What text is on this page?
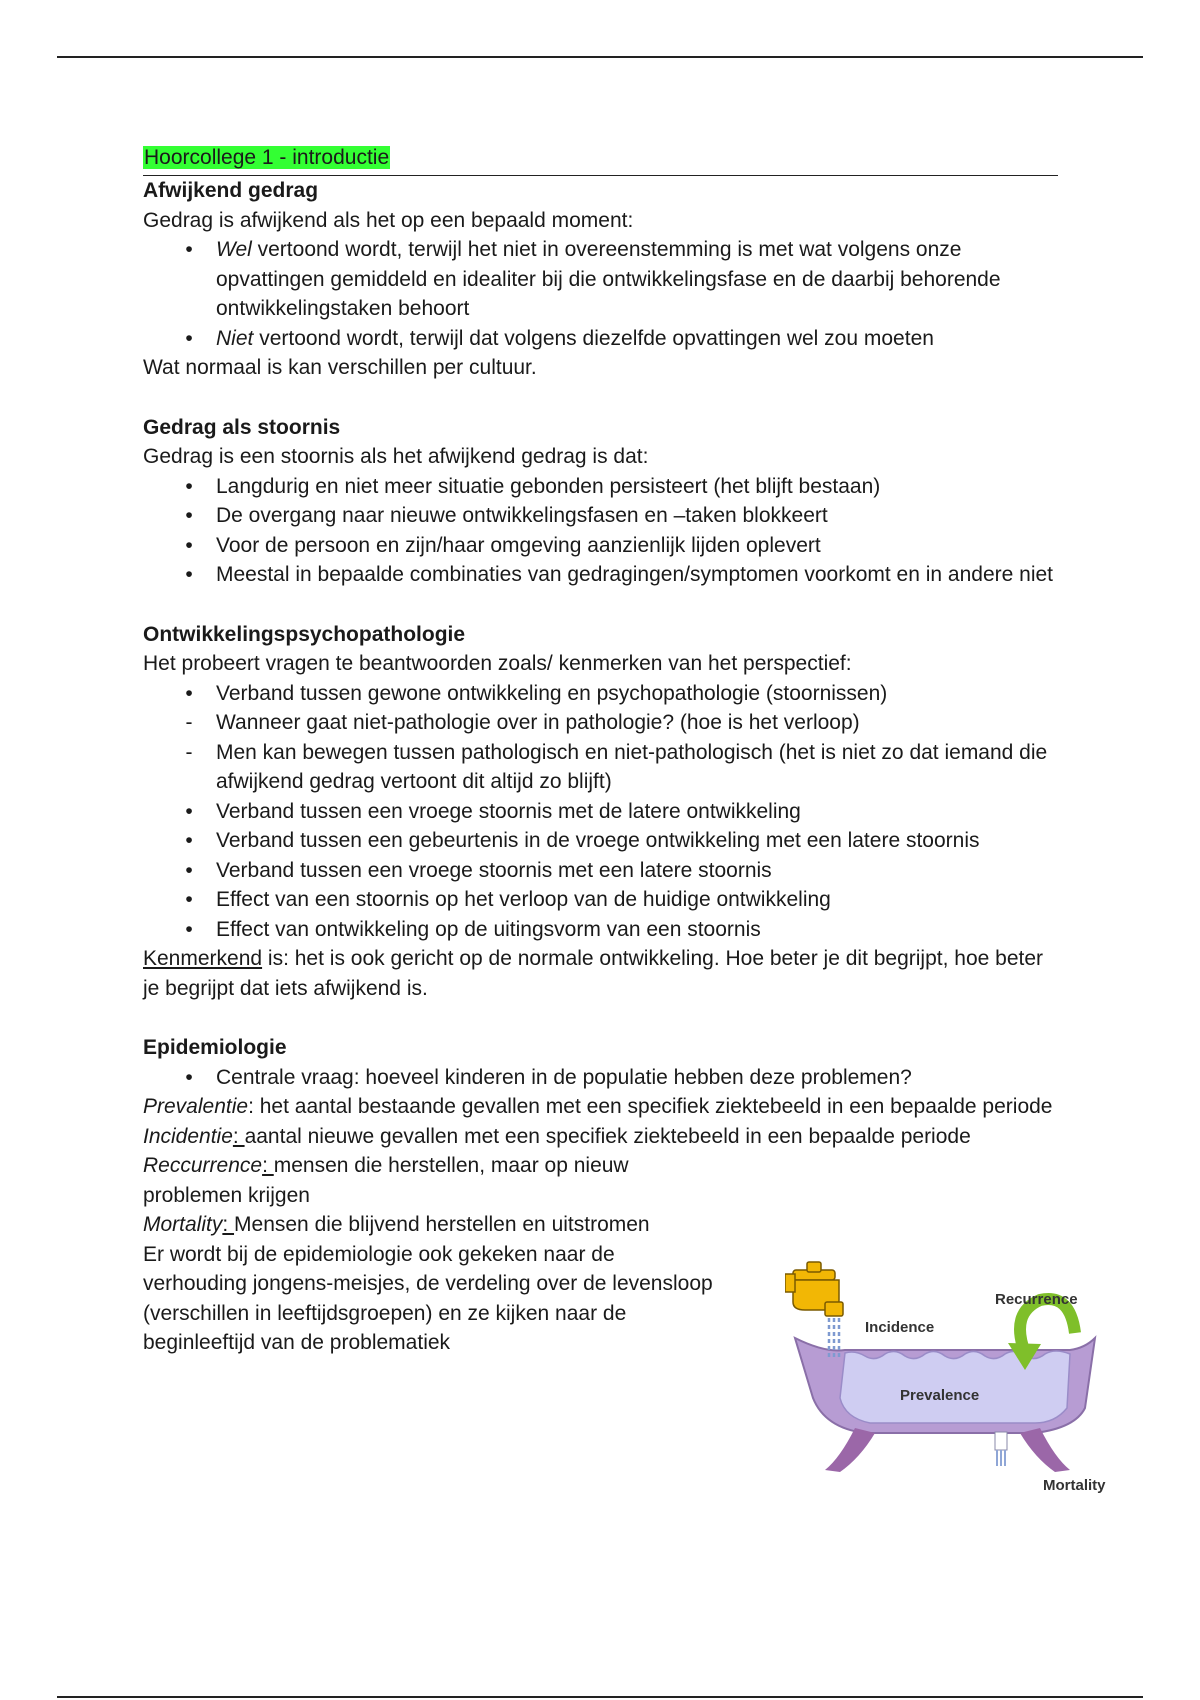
Hoorcollege 1 - introductie

Afwijkend gedrag

Gedrag is afwijkend als het op een bepaald moment:

•	Wel vertoond wordt, terwijl het niet in overeenstemming is met wat volgens onze opvattingen gemiddeld en idealiter bij die ontwikkelingsfase en de daarbij behorende ontwikkelingstaken behoort
•	Niet vertoond wordt, terwijl dat volgens diezelfde opvattingen wel zou moeten

Wat normaal is kan verschillen per cultuur.

Gedrag als stoornis

Gedrag is een stoornis als het afwijkend gedrag is dat:

•	Langdurig en niet meer situatie gebonden persisteert (het blijft bestaan)
•	De overgang naar nieuwe ontwikkelingsfasen en –taken blokkeert
•	Voor de persoon en zijn/haar omgeving aanzienlijk lijden oplevert
•	Meestal in bepaalde combinaties van gedragingen/symptomen voorkomt en in andere niet

Ontwikkelingspsychopathologie

Het probeert vragen te beantwoorden zoals/ kenmerken van het perspectief:

•	Verband tussen gewone ontwikkeling en psychopathologie (stoornissen)
-	Wanneer gaat niet-pathologie over in pathologie? (hoe is het verloop)
-	Men kan bewegen tussen pathologisch en niet-pathologisch (het is niet zo dat iemand die afwijkend gedrag vertoont dit altijd zo blijft)
•	Verband tussen een vroege stoornis met de latere ontwikkeling
•	Verband tussen een gebeurtenis in de vroege ontwikkeling met een latere stoornis
•	Verband tussen een vroege stoornis met een latere stoornis
•	Effect van een stoornis op het verloop van de huidige ontwikkeling
•	Effect van ontwikkeling op de uitingsvorm van een stoornis

Kenmerkend is: het is ook gericht op de normale ontwikkeling. Hoe beter je dit begrijpt, hoe beter je begrijpt dat iets afwijkend is.

Epidemiologie

•	Centrale vraag: hoeveel kinderen in de populatie hebben deze problemen?

Prevalentie: het aantal bestaande gevallen met een specifiek ziektebeeld in een bepaalde periode

Incidentie: aantal nieuwe gevallen met een specifiek ziektebeeld in een bepaalde periode

Reccurrence: mensen die herstellen, maar op nieuw problemen krijgen

Mortality: Mensen die blijvend herstellen en uitstromen

Er wordt bij de epidemiologie ook gekeken naar de verhouding jongens-meisjes, de verdeling over de levensloop (verschillen in leeftijdsgroepen) en ze kijken naar de beginleeftijd van de problematiek

Incidence
Recurrence
Prevalence
Mortality
